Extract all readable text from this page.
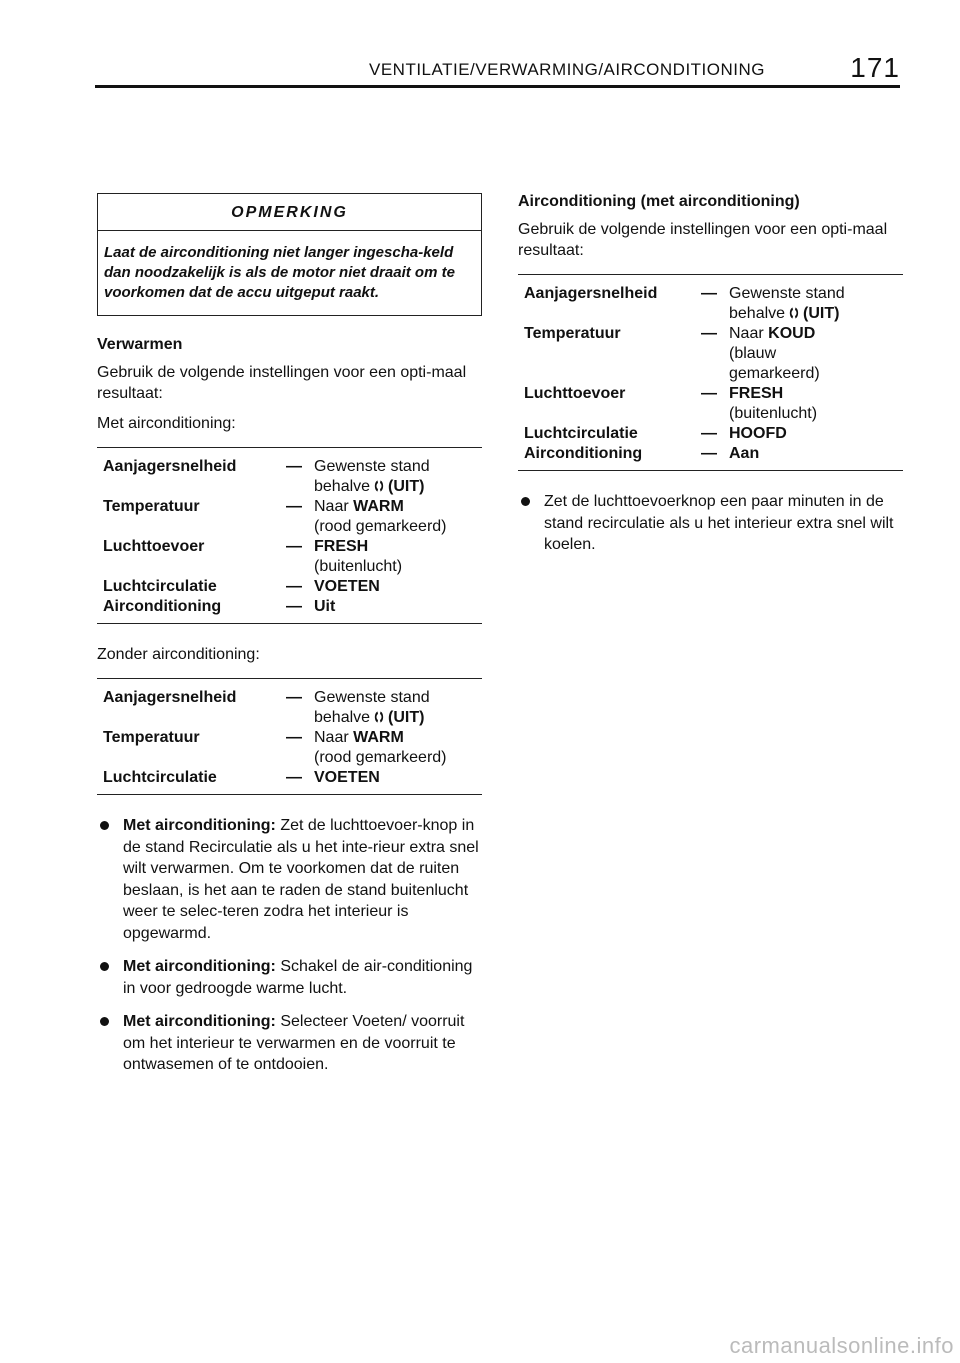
VENTILATIE/VERWARMING/AIRCONDITIONING	171
OPMERKING
Laat de airconditioning niet langer ingescha-keld dan noodzakelijk is als de motor niet draait om te voorkomen dat de accu uitgeput raakt.
Verwarmen
Gebruik de volgende instellingen voor een opti-maal resultaat:
Met airconditioning:
Aanjagersnelheid	— Gewenste stand
behalve (UIT)
Temperatuur	— Naar WARM
(rood gemarkeerd)
Luchttoevoer	— FRESH
(buitenlucht)
Luchtcirculatie	— VOETEN
Airconditioning	— Uit
Zonder airconditioning:
Aanjagersnelheid	— Gewenste stand
behalve (UIT)
Temperatuur	— Naar WARM
(rood gemarkeerd)
Luchtcirculatie	— VOETEN
Met airconditioning: Zet de luchttoevoer-knop in de stand Recirculatie als u het inte-rieur extra snel wilt verwarmen. Om te voorkomen dat de ruiten beslaan, is het aan te raden de stand buitenlucht weer te selec-teren zodra het interieur is opgewarmd.
Met airconditioning: Schakel de air-conditioning in voor gedroogde warme lucht.
Met airconditioning: Selecteer Voeten/ voorruit om het interieur te verwarmen en de voorruit te ontwasemen of te ontdooien.
Airconditioning (met airconditioning)
Gebruik de volgende instellingen voor een opti-maal resultaat:
Aanjagersnelheid	— Gewenste stand
behalve (UIT)
Temperatuur	— Naar KOUD
(blauw
gemarkeerd)
Luchttoevoer	— FRESH
(buitenlucht)
Luchtcirculatie	— HOOFD
Airconditioning	— Aan
Zet de luchttoevoerknop een paar minuten in de stand recirculatie als u het interieur extra snel wilt koelen.
carmanualsonline.info
